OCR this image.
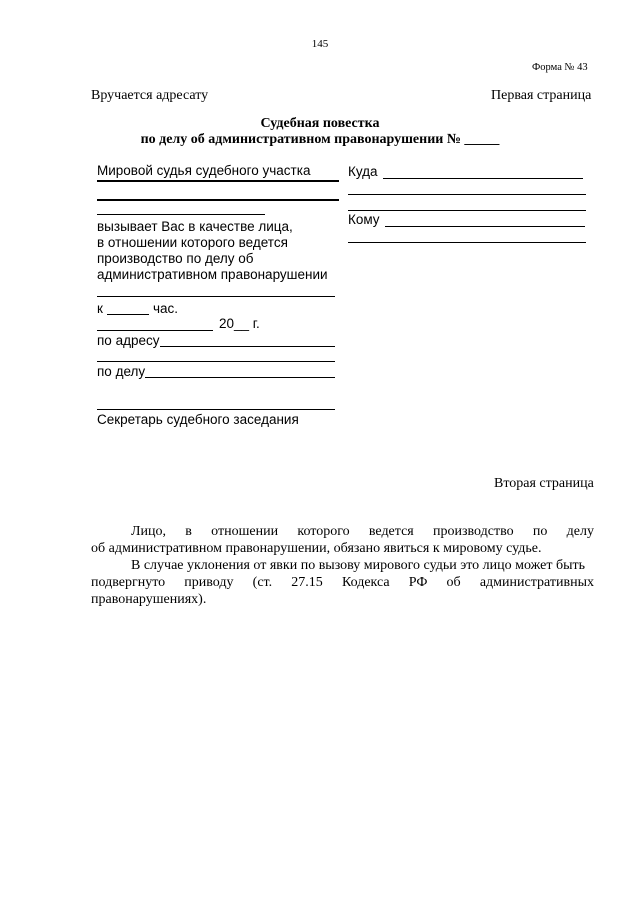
145
Форма № 43
Вручается адресату	Первая страница
Судебная повестка
по делу об административном правонарушении № _____
Мировой судья судебного участка
вызывает Вас в качестве лица,
в отношении которого ведется
производство по делу об
административном правонарушении
к	час.
20__ г.
по адресу
по делу
Секретарь судебного заседания
Куда
Кому
Вторая страница
Лицо, в отношении которого ведется производство по делу
об административном правонарушении, обязано явиться к мировому судье.
В случае уклонения от явки по вызову мирового судьи это лицо может быть
подвергнуто приводу (ст. 27.15 Кодекса РФ об административных
правонарушениях).
